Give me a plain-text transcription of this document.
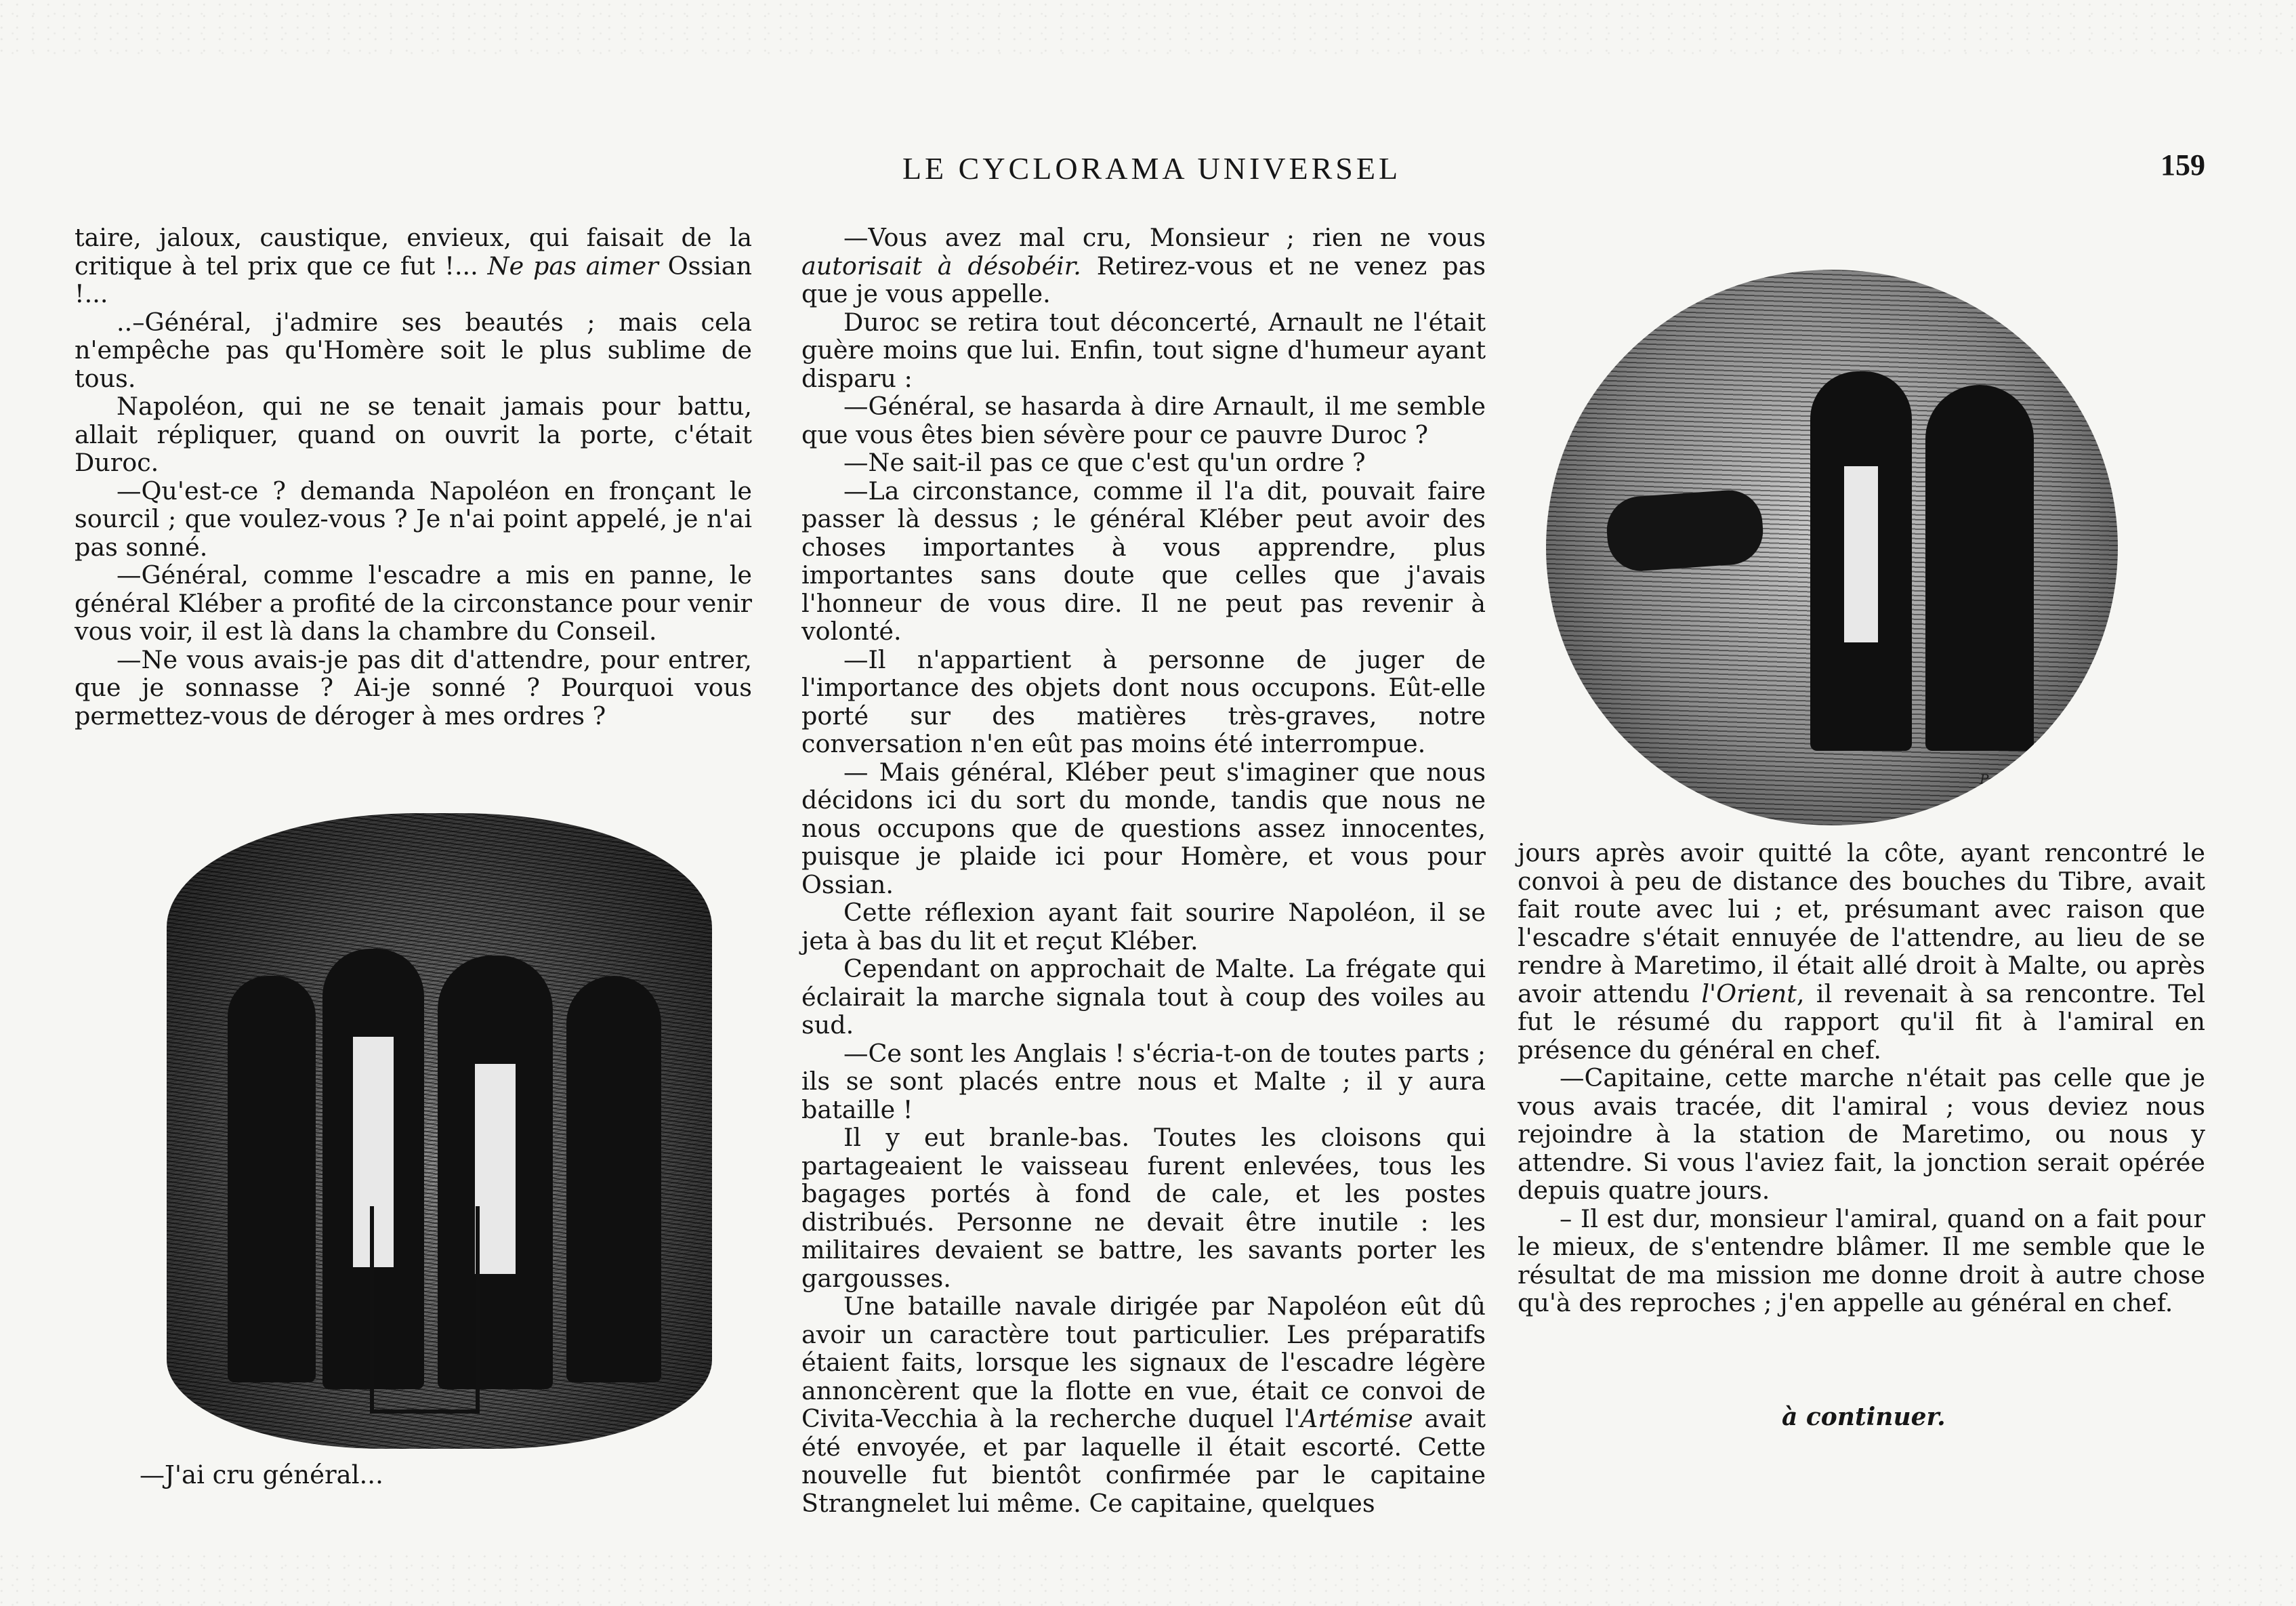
LE CYCLORAMA UNIVERSEL	159

taire, jaloux, caustique, envieux, qui faisait de la critique à tel prix que ce fut !... Ne pas aimer Ossian !...

..–Général, j'admire ses beautés ; mais cela n'empêche pas qu'Homère soit le plus sublime de tous.

Napoléon, qui ne se tenait jamais pour battu, allait répliquer, quand on ouvrit la porte, c'était Duroc.

—Qu'est-ce ? demanda Napoléon en fronçant le sourcil ; que voulez-vous ? Je n'ai point appelé, je n'ai pas sonné.

—Général, comme l'escadre a mis en panne, le général Kléber a profité de la circonstance pour venir vous voir, il est là dans la chambre du Conseil.

—Ne vous avais-je pas dit d'attendre, pour entrer, que je sonnasse ? Ai-je sonné ? Pourquoi vous permettez-vous de déroger à mes ordres ?

—J'ai cru général...

—Vous avez mal cru, Monsieur ; rien ne vous autorisait à désobéir. Retirez-vous et ne venez pas que je vous appelle.

Duroc se retira tout déconcerté, Arnault ne l'était guère moins que lui. Enfin, tout signe d'humeur ayant disparu :

—Général, se hasarda à dire Arnault, il me semble que vous êtes bien sévère pour ce pauvre Duroc ?

—Ne sait-il pas ce que c'est qu'un ordre ?

—La circonstance, comme il l'a dit, pouvait faire passer là dessus ; le général Kléber peut avoir des choses importantes à vous apprendre, plus importantes sans doute que celles que j'avais l'honneur de vous dire. Il ne peut pas revenir à volonté.

—Il n'appartient à personne de juger de l'importance des objets dont nous occupons. Eût-elle porté sur des matières très-graves, notre conversation n'en eût pas moins été interrompue.

— Mais général, Kléber peut s'imaginer que nous décidons ici du sort du monde, tandis que nous ne nous occupons que de questions assez innocentes, puisque je plaide ici pour Homère, et vous pour Ossian.

Cette réflexion ayant fait sourire Napoléon, il se jeta à bas du lit et reçut Kléber.

Cependant on approchait de Malte. La frégate qui éclairait la marche signala tout à coup des voiles au sud.

—Ce sont les Anglais ! s'écria-t-on de toutes parts ; ils se sont placés entre nous et Malte ; il y aura bataille !

Il y eut branle-bas. Toutes les cloisons qui partageaient le vaisseau furent enlevées, tous les bagages portés à fond de cale, et les postes distribués. Personne ne devait être inutile : les militaires devaient se battre, les savants porter les gargousses.

Une bataille navale dirigée par Napoléon eût dû avoir un caractère tout particulier. Les préparatifs étaient faits, lorsque les signaux de l'escadre légère annoncèrent que la flotte en vue, était ce convoi de Civita-Vecchia à la recherche duquel l'Artémise avait été envoyée, et par laquelle il était escorté. Cette nouvelle fut bientôt confirmée par le capitaine Strangnelet lui même. Ce capitaine, quelques

Pauditte

jours après avoir quitté la côte, ayant rencontré le convoi à peu de distance des bouches du Tibre, avait fait route avec lui ; et, présumant avec raison que l'escadre s'était ennuyée de l'attendre, au lieu de se rendre à Maretimo, il était allé droit à Malte, ou après avoir attendu l'Orient, il revenait à sa rencontre. Tel fut le résumé du rapport qu'il fit à l'amiral en présence du général en chef.

—Capitaine, cette marche n'était pas celle que je vous avais tracée, dit l'amiral ; vous deviez nous rejoindre à la station de Maretimo, ou nous y attendre. Si vous l'aviez fait, la jonction serait opérée depuis quatre jours.

– Il est dur, monsieur l'amiral, quand on a fait pour le mieux, de s'entendre blâmer. Il me semble que le résultat de ma mission me donne droit à autre chose qu'à des reproches ; j'en appelle au général en chef.

à continuer.
